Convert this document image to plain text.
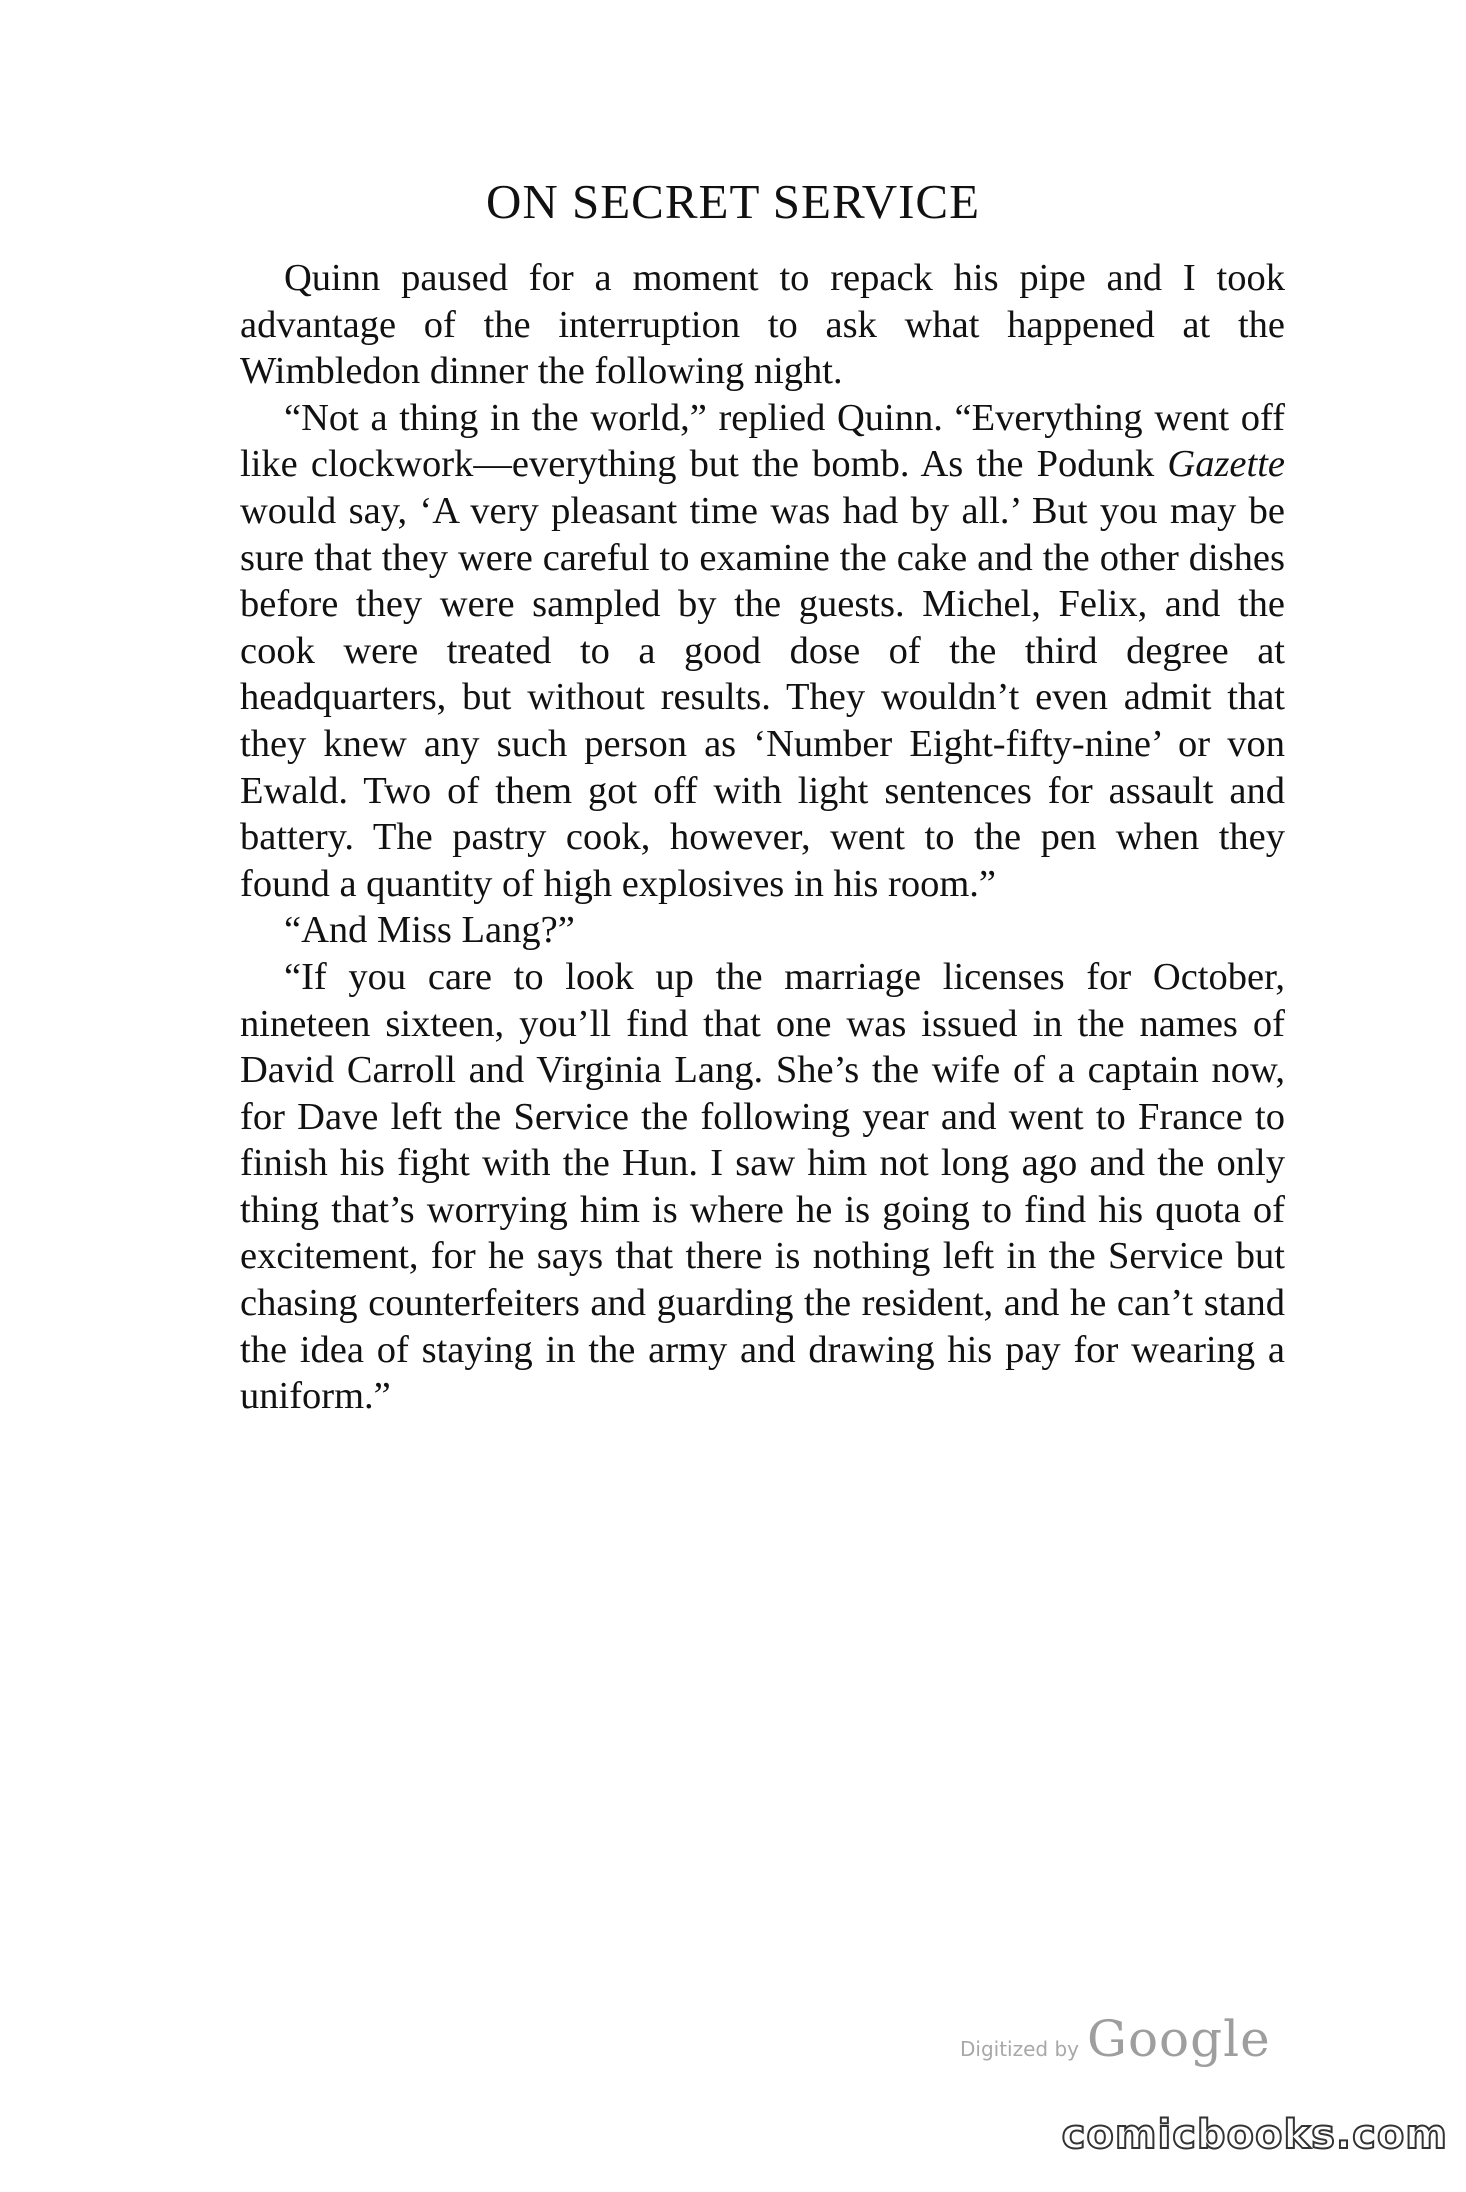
ON SECRET SERVICE

Quinn paused for a moment to repack his pipe and I took advantage of the interruption to ask what happened at the Wimbledon dinner the following night.

“Not a thing in the world,” replied Quinn. “Everything went off like clockwork—everything but the bomb. As the Podunk Gazette would say, ‘A very pleasant time was had by all.’ But you may be sure that they were careful to examine the cake and the other dishes before they were sampled by the guests. Michel, Felix, and the cook were treated to a good dose of the third degree at headquarters, but without results. They wouldn’t even admit that they knew any such person as ‘Number Eight-fifty-nine’ or von Ewald. Two of them got off with light sentences for assault and battery. The pastry cook, however, went to the pen when they found a quantity of high explosives in his room.”

“And Miss Lang?”

“If you care to look up the marriage licenses for October, nineteen sixteen, you’ll find that one was issued in the names of David Carroll and Virginia Lang. She’s the wife of a captain now, for Dave left the Service the following year and went to France to finish his fight with the Hun. I saw him not long ago and the only thing that’s worrying him is where he is going to find his quota of excitement, for he says that there is nothing left in the Service but chasing counterfeiters and guarding the resident, and he can’t stand the idea of staying in the army and drawing his pay for wearing a uniform.”

Digitized by Google
comicbooks.com
